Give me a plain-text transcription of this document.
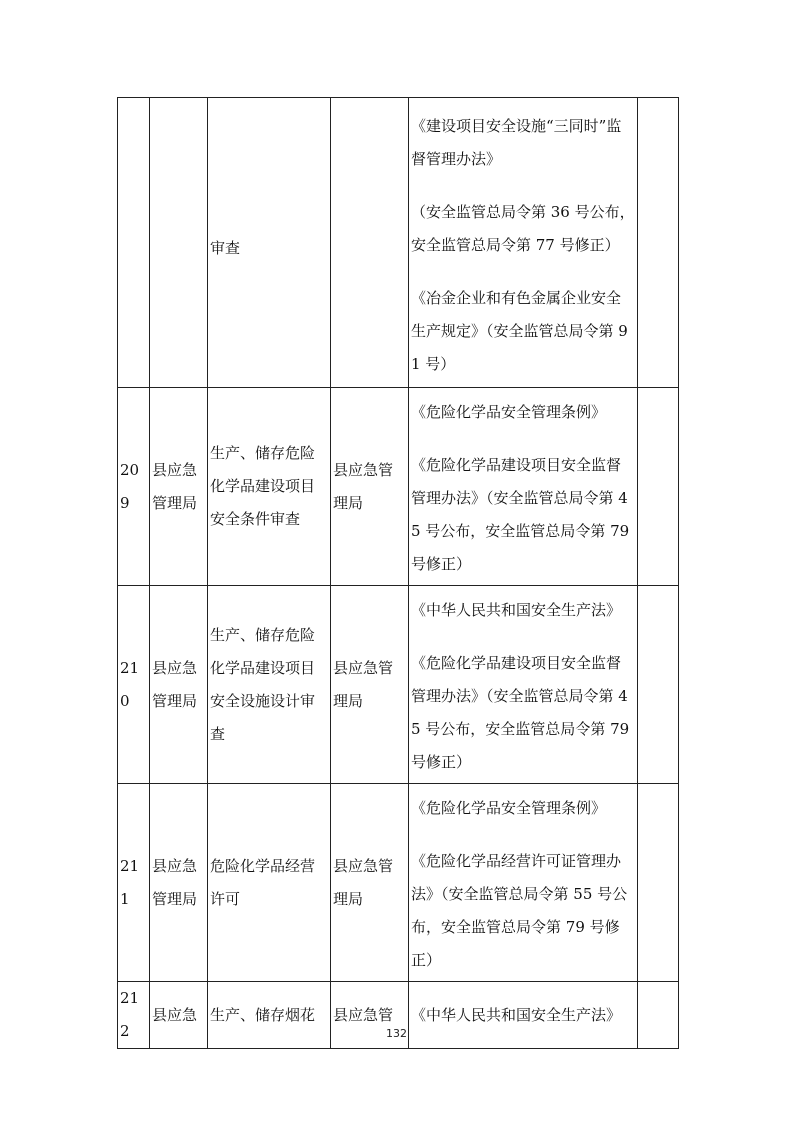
		审查		《建设项目安全设施“三同时”监督管理办法》

（安全监管总局令第 36 号公布，安全监管总局令第 77 号修正）

《冶金企业和有色金属企业安全生产规定》（安全监管总局令第 91 号）	

209	县应急管理局	生产、储存危险化学品建设项目安全条件审查	县应急管理局	《危险化学品安全管理条例》

《危险化学品建设项目安全监督管理办法》（安全监管总局令第 45 号公布，安全监管总局令第 79 号修正）	

210	县应急管理局	生产、储存危险化学品建设项目安全设施设计审查	县应急管理局	《中华人民共和国安全生产法》

《危险化学品建设项目安全监督管理办法》（安全监管总局令第 45 号公布，安全监管总局令第 79 号修正）	

211	县应急管理局	危险化学品经营许可	县应急管理局	《危险化学品安全管理条例》

《危险化学品经营许可证管理办法》（安全监管总局令第 55 号公布，安全监管总局令第 79 号修正）	

212	县应急	生产、储存烟花	县应急管	《中华人民共和国安全生产法》	

132
